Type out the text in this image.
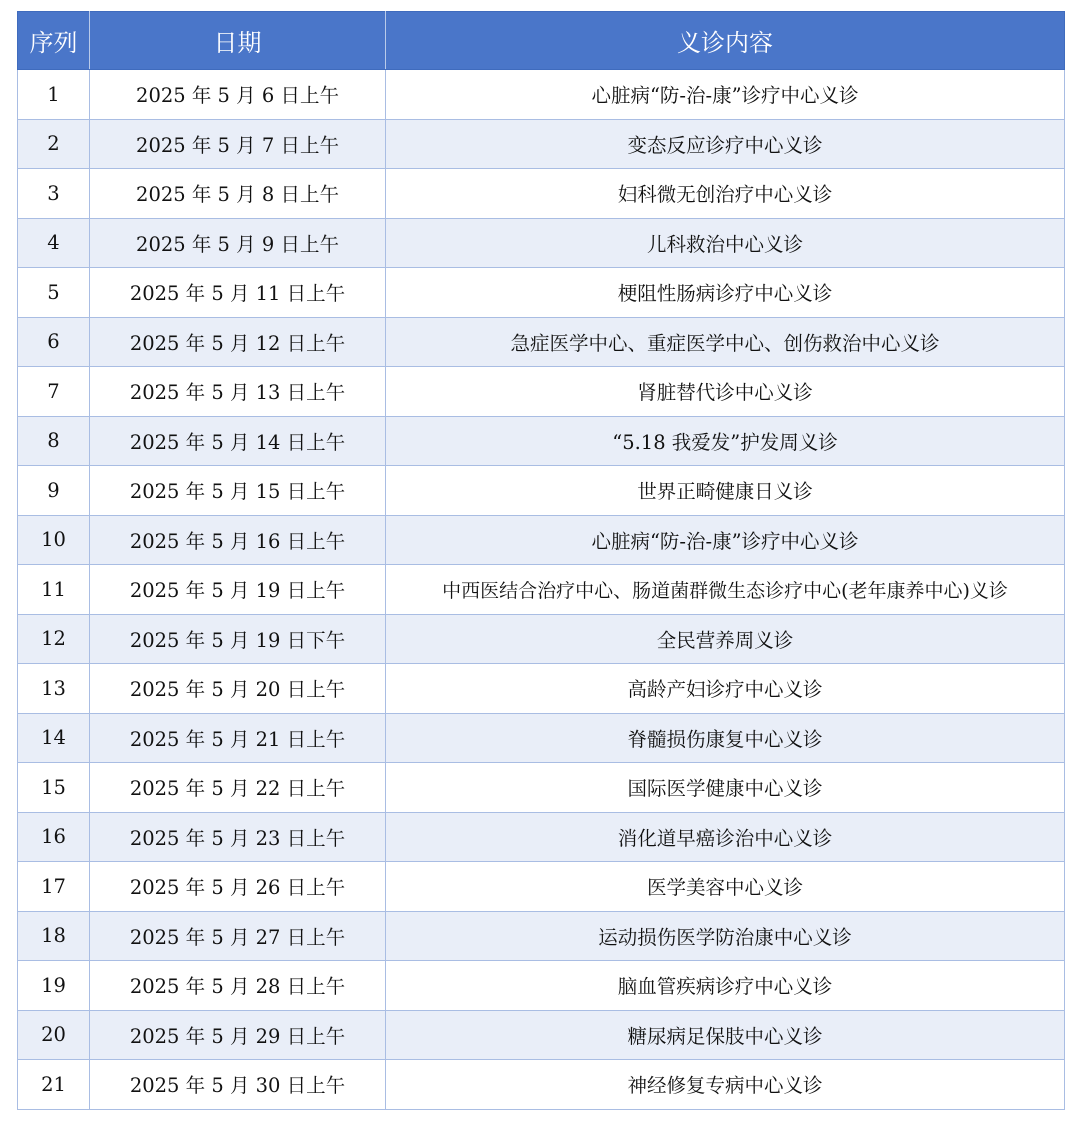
序列	日期	义诊内容
1	2025 年 5 月 6 日上午	心脏病“防-治-康”诊疗中心义诊
2	2025 年 5 月 7 日上午	变态反应诊疗中心义诊
3	2025 年 5 月 8 日上午	妇科微无创治疗中心义诊
4	2025 年 5 月 9 日上午	儿科救治中心义诊
5	2025 年 5 月 11 日上午	梗阻性肠病诊疗中心义诊
6	2025 年 5 月 12 日上午	急症医学中心、重症医学中心、创伤救治中心义诊
7	2025 年 5 月 13 日上午	肾脏替代诊中心义诊
8	2025 年 5 月 14 日上午	“5.18 我爱发”护发周义诊
9	2025 年 5 月 15 日上午	世界正畸健康日义诊
10	2025 年 5 月 16 日上午	心脏病“防-治-康”诊疗中心义诊
11	2025 年 5 月 19 日上午	中西医结合治疗中心、肠道菌群微生态诊疗中心(老年康养中心)义诊
12	2025 年 5 月 19 日下午	全民营养周义诊
13	2025 年 5 月 20 日上午	高龄产妇诊疗中心义诊
14	2025 年 5 月 21 日上午	脊髓损伤康复中心义诊
15	2025 年 5 月 22 日上午	国际医学健康中心义诊
16	2025 年 5 月 23 日上午	消化道早癌诊治中心义诊
17	2025 年 5 月 26 日上午	医学美容中心义诊
18	2025 年 5 月 27 日上午	运动损伤医学防治康中心义诊
19	2025 年 5 月 28 日上午	脑血管疾病诊疗中心义诊
20	2025 年 5 月 29 日上午	糖尿病足保肢中心义诊
21	2025 年 5 月 30 日上午	神经修复专病中心义诊
